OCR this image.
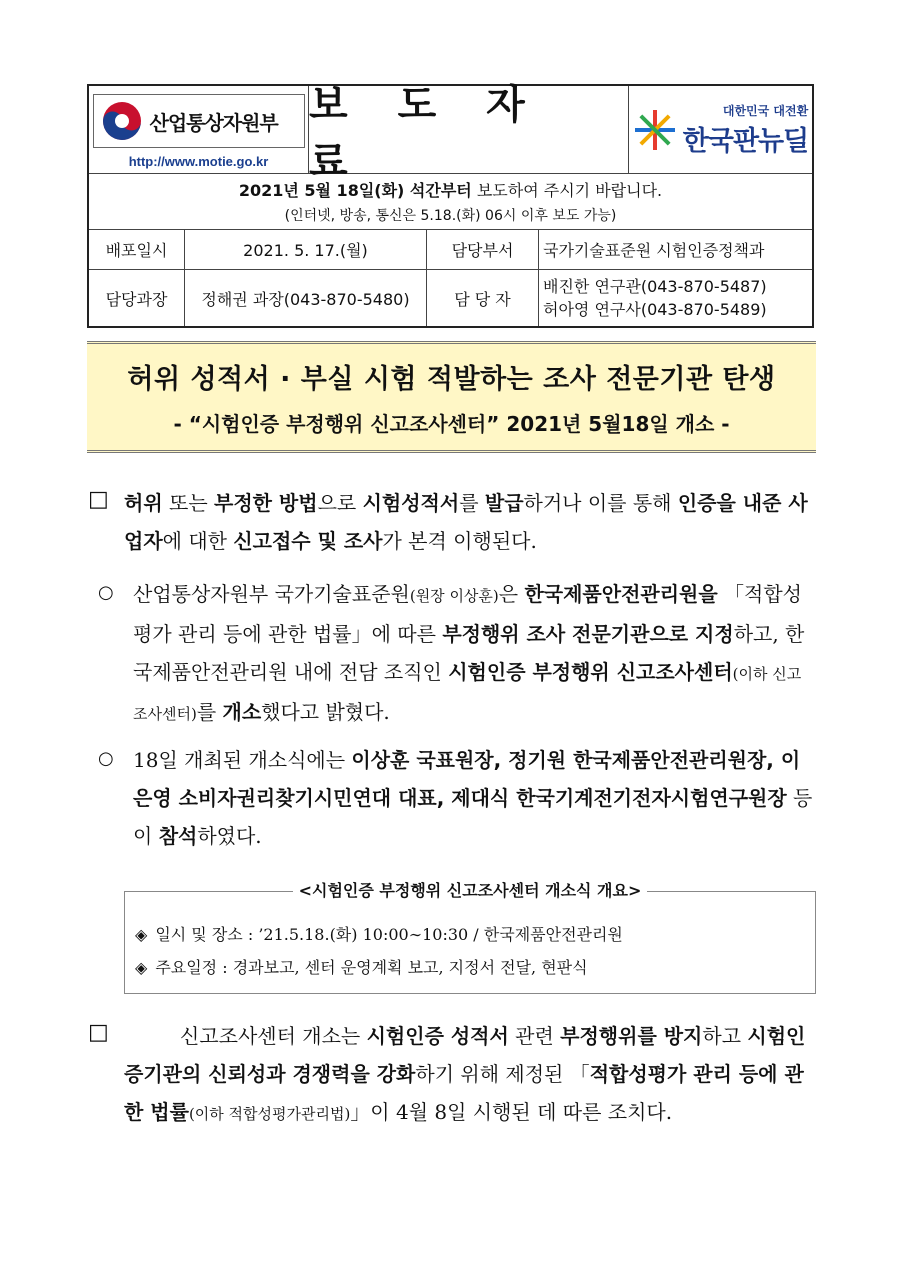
산업통상자원부
http://www.motie.go.kr
보 도 자 료
대한민국 대전환
한국판뉴딜
2021년 5월 18일(화) 석간부터 보도하여 주시기 바랍니다.
(인터넷, 방송, 통신은 5.18.(화) 06시 이후 보도 가능)
배포일시	2021. 5. 17.(월)	담당부서	국가기술표준원 시험인증정책과
담당과장	정해권 과장(043-870-5480)	담 당 자
배진한 연구관(043-870-5487)
허아영 연구사(043-870-5489)
허위 성적서 · 부실 시험 적발하는 조사 전문기관 탄생
- “시험인증 부정행위 신고조사센터” 2021년 5월18일 개소 -
□ 허위 또는 부정한 방법으로 시험성적서를 발급하거나 이를 통해 인증을 내준 사업자에 대한 신고접수 및 조사가 본격 이행된다.
○ 산업통상자원부 국가기술표준원(원장 이상훈)은 한국제품안전관리원을 「적합성평가 관리 등에 관한 법률」에 따른 부정행위 조사 전문기관으로 지정하고, 한국제품안전관리원 내에 전담 조직인 시험인증 부정행위 신고조사센터(이하 신고조사센터)를 개소했다고 밝혔다.
○ 18일 개최된 개소식에는 이상훈 국표원장, 정기원 한국제품안전관리원장, 이은영 소비자권리찾기시민연대 대표, 제대식 한국기계전기전자시험연구원장 등이 참석하였다.
<시험인증 부정행위 신고조사센터 개소식 개요>
◈ 일시 및 장소 : ’21.5.18.(화) 10:00∼10:30 / 한국제품안전관리원
◈ 주요일정 : 경과보고, 센터 운영계획 보고, 지정서 전달, 현판식
□	신고조사센터 개소는 시험인증 성적서 관련 부정행위를 방지하고 시험인증기관의 신뢰성과 경쟁력을 강화하기 위해 제정된 「적합성평가 관리 등에 관한 법률(이하 적합성평가관리법)」이 4월 8일 시행된 데 따른 조치다.
